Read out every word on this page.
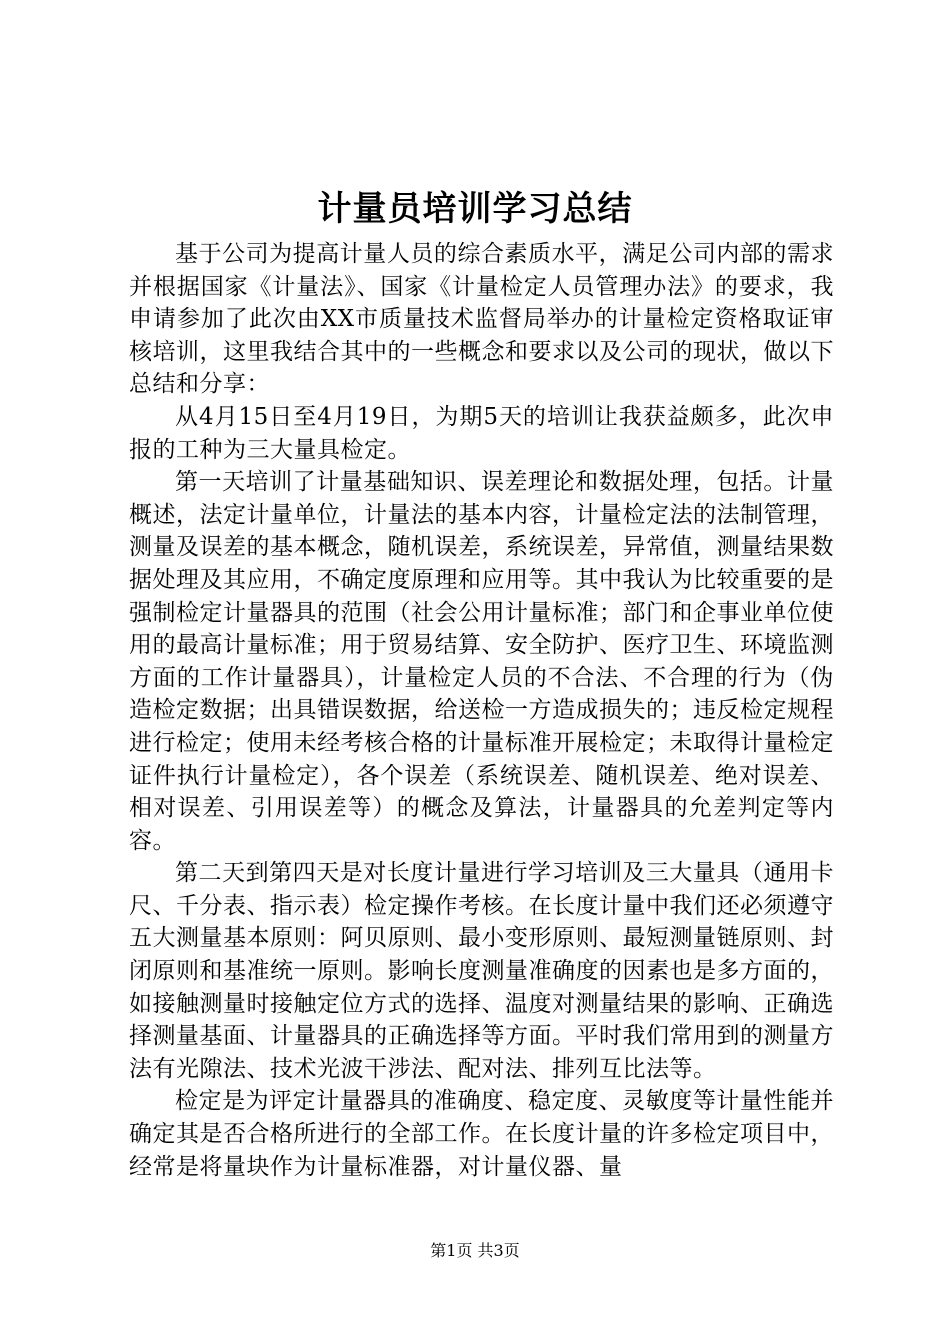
计量员培训学习总结

基于公司为提高计量人员的综合素质水平，满足公司内部的需求并根据国家《计量法》、国家《计量检定人员管理办法》的要求，我申请参加了此次由XX市质量技术监督局举办的计量检定资格取证审核培训，这里我结合其中的一些概念和要求以及公司的现状，做以下总结和分享：

从4月15日至4月19日，为期5天的培训让我获益颇多，此次申报的工种为三大量具检定。

第一天培训了计量基础知识、误差理论和数据处理，包括。计量概述，法定计量单位，计量法的基本内容，计量检定法的法制管理，测量及误差的基本概念，随机误差，系统误差，异常值，测量结果数据处理及其应用，不确定度原理和应用等。其中我认为比较重要的是强制检定计量器具的范围（社会公用计量标准；部门和企事业单位使用的最高计量标准；用于贸易结算、安全防护、医疗卫生、环境监测方面的工作计量器具），计量检定人员的不合法、不合理的行为（伪造检定数据；出具错误数据，给送检一方造成损失的；违反检定规程进行检定；使用未经考核合格的计量标准开展检定；未取得计量检定证件执行计量检定），各个误差（系统误差、随机误差、绝对误差、相对误差、引用误差等）的概念及算法，计量器具的允差判定等内容。

第二天到第四天是对长度计量进行学习培训及三大量具（通用卡尺、千分表、指示表）检定操作考核。在长度计量中我们还必须遵守五大测量基本原则：阿贝原则、最小变形原则、最短测量链原则、封闭原则和基准统一原则。影响长度测量准确度的因素也是多方面的，如接触测量时接触定位方式的选择、温度对测量结果的影响、正确选择测量基面、计量器具的正确选择等方面。平时我们常用到的测量方法有光隙法、技术光波干涉法、配对法、排列互比法等。

检定是为评定计量器具的准确度、稳定度、灵敏度等计量性能并确定其是否合格所进行的全部工作。在长度计量的许多检定项目中，经常是将量块作为计量标准器，对计量仪器、量

第1页 共3页
